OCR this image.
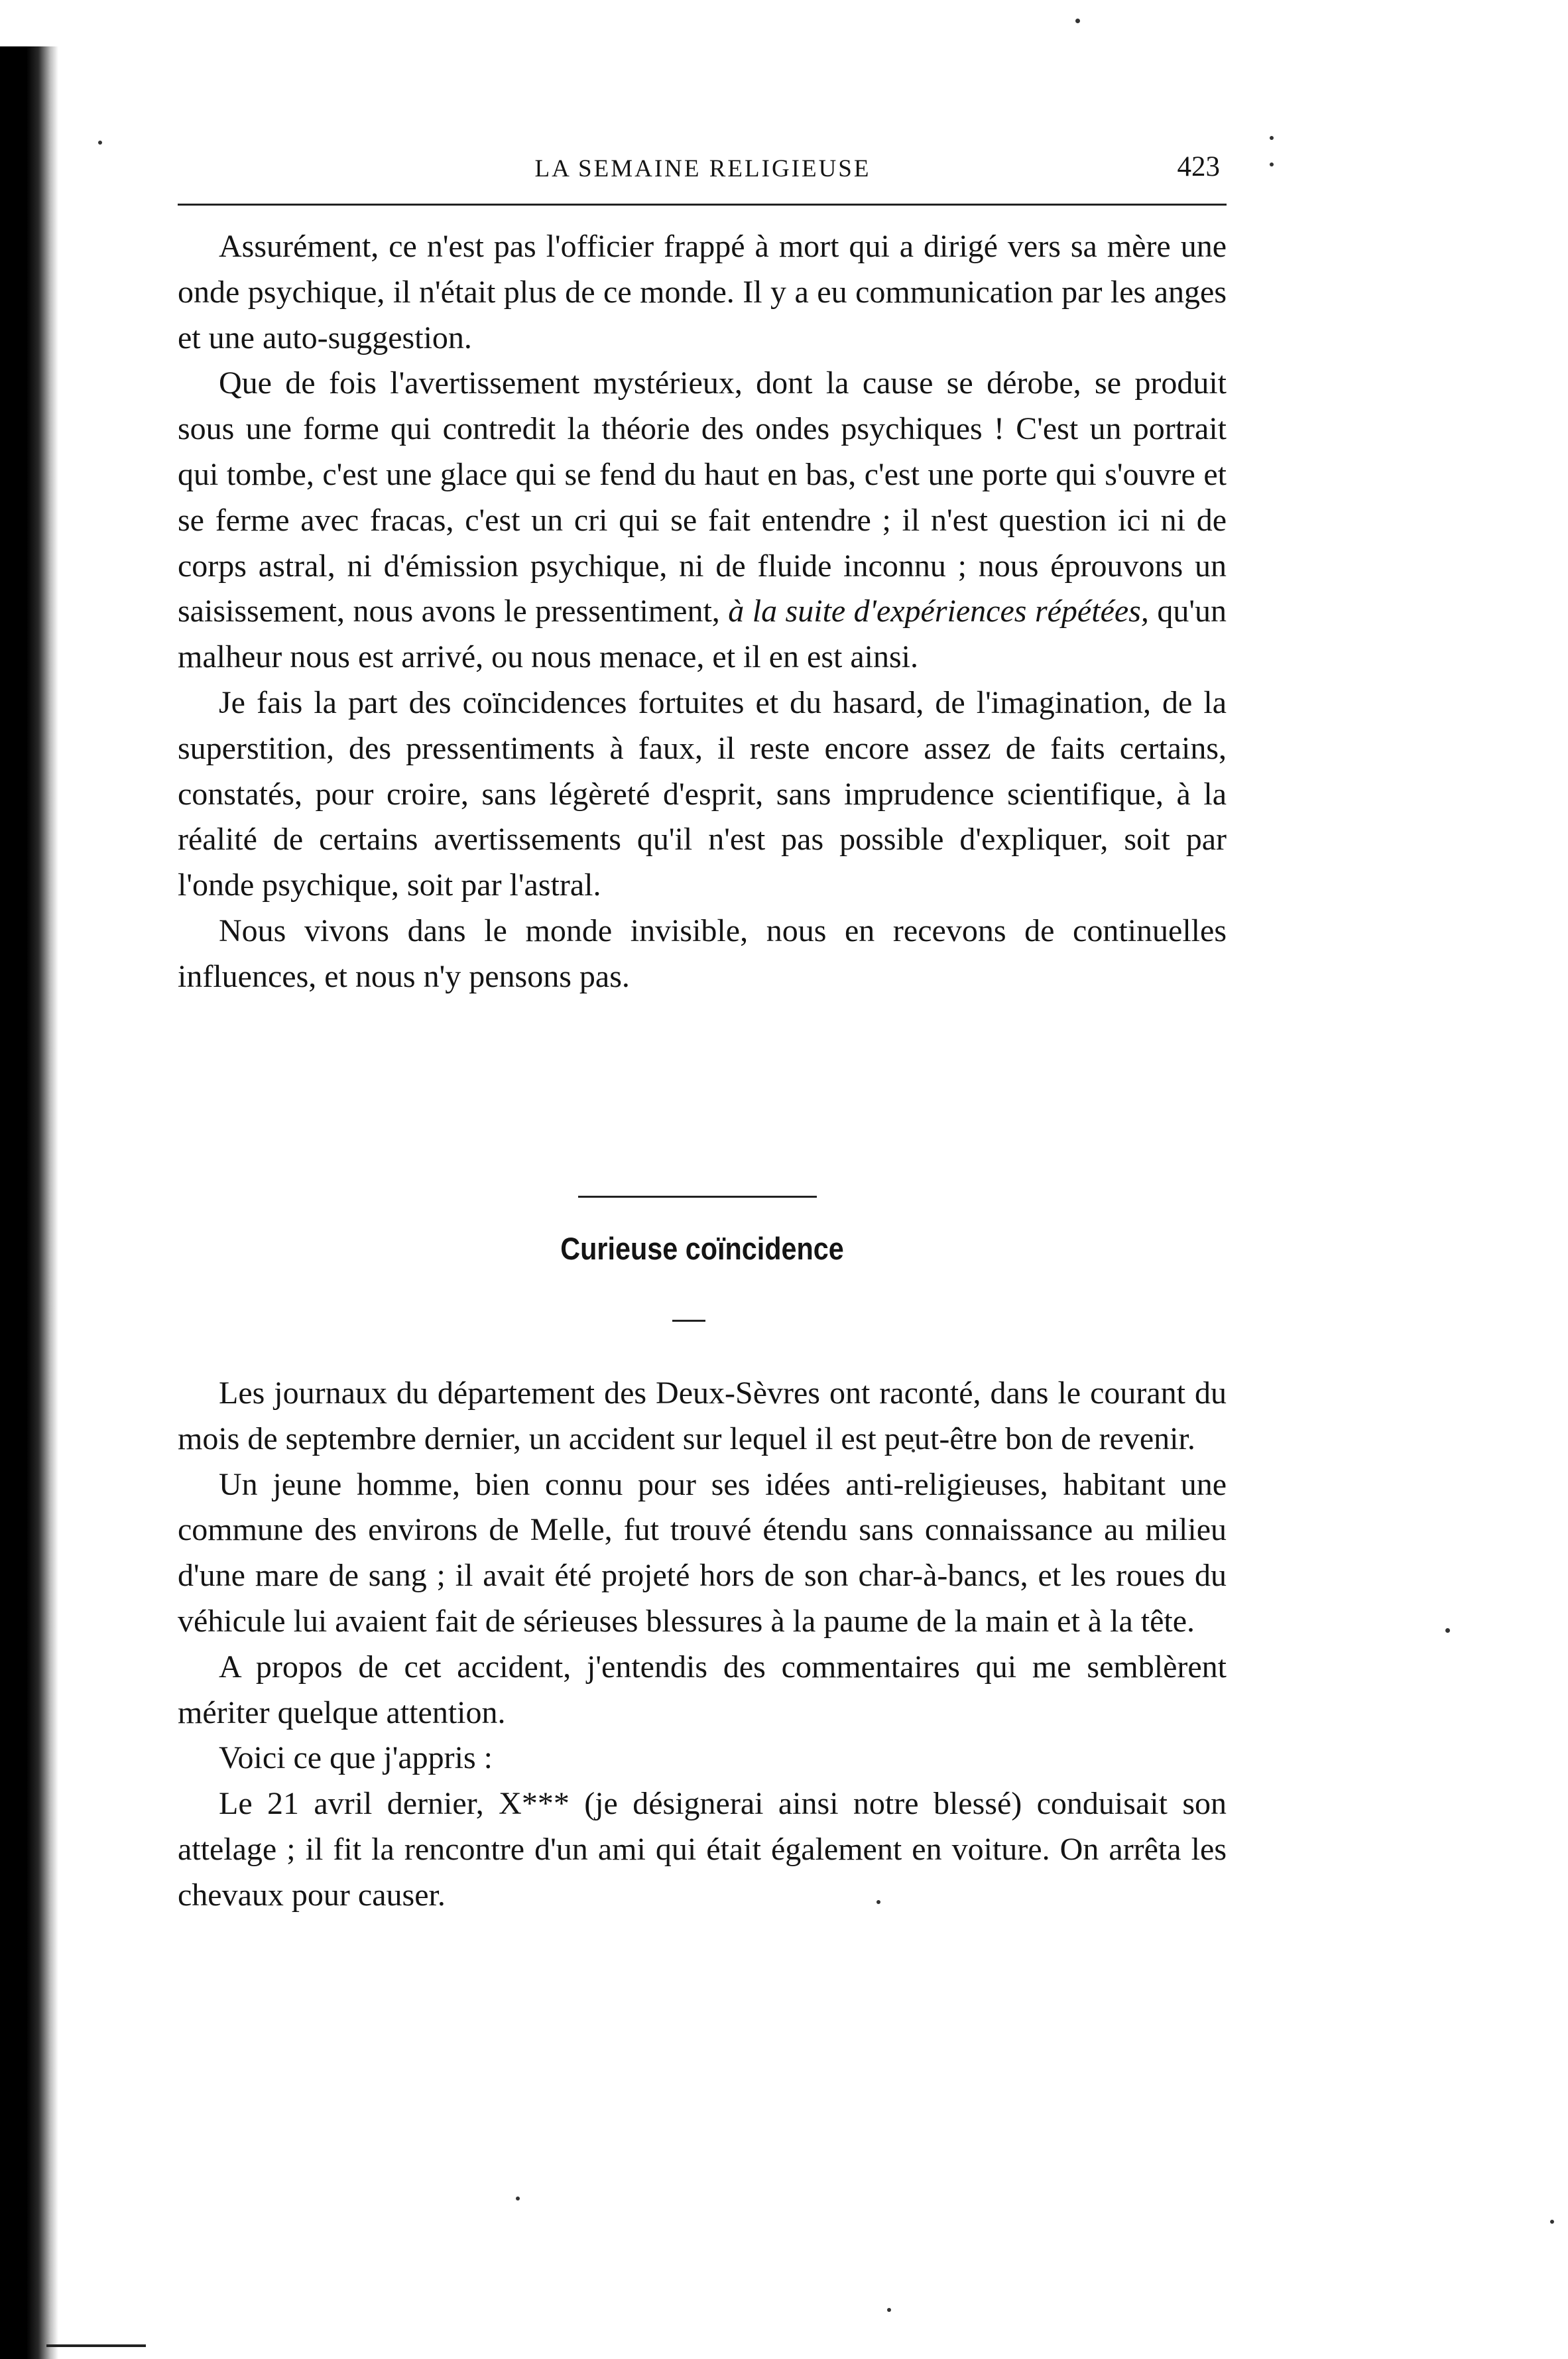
LA SEMAINE RELIGIEUSE	423

Assurément, ce n'est pas l'officier frappé à mort qui a dirigé vers sa mère une onde psychique, il n'était plus de ce monde. Il y a eu communication par les anges et une auto-suggestion.

Que de fois l'avertissement mystérieux, dont la cause se dérobe, se produit sous une forme qui contredit la théorie des ondes psychiques ! C'est un portrait qui tombe, c'est une glace qui se fend du haut en bas, c'est une porte qui s'ouvre et se ferme avec fracas, c'est un cri qui se fait entendre ; il n'est question ici ni de corps astral, ni d'émission psychique, ni de fluide inconnu ; nous éprouvons un saisissement, nous avons le pressentiment, à la suite d'expériences répétées, qu'un malheur nous est arrivé, ou nous menace, et il en est ainsi.

Je fais la part des coïncidences fortuites et du hasard, de l'imagination, de la superstition, des pressentiments à faux, il reste encore assez de faits certains, constatés, pour croire, sans légèreté d'esprit, sans imprudence scientifique, à la réalité de certains avertissements qu'il n'est pas possible d'expliquer, soit par l'onde psychique, soit par l'astral.

Nous vivons dans le monde invisible, nous en recevons de continuelles influences, et nous n'y pensons pas.

Curieuse coïncidence

Les journaux du département des Deux-Sèvres ont raconté, dans le courant du mois de septembre dernier, un accident sur lequel il est peut-être bon de revenir.

Un jeune homme, bien connu pour ses idées anti-religieuses, habitant une commune des environs de Melle, fut trouvé étendu sans connaissance au milieu d'une mare de sang ; il avait été projeté hors de son char-à-bancs, et les roues du véhicule lui avaient fait de sérieuses blessures à la paume de la main et à la tête.

A propos de cet accident, j'entendis des commentaires qui me semblèrent mériter quelque attention.

Voici ce que j'appris :

Le 21 avril dernier, X*** (je désignerai ainsi notre blessé) conduisait son attelage ; il fit la rencontre d'un ami qui était également en voiture. On arrêta les chevaux pour causer.
